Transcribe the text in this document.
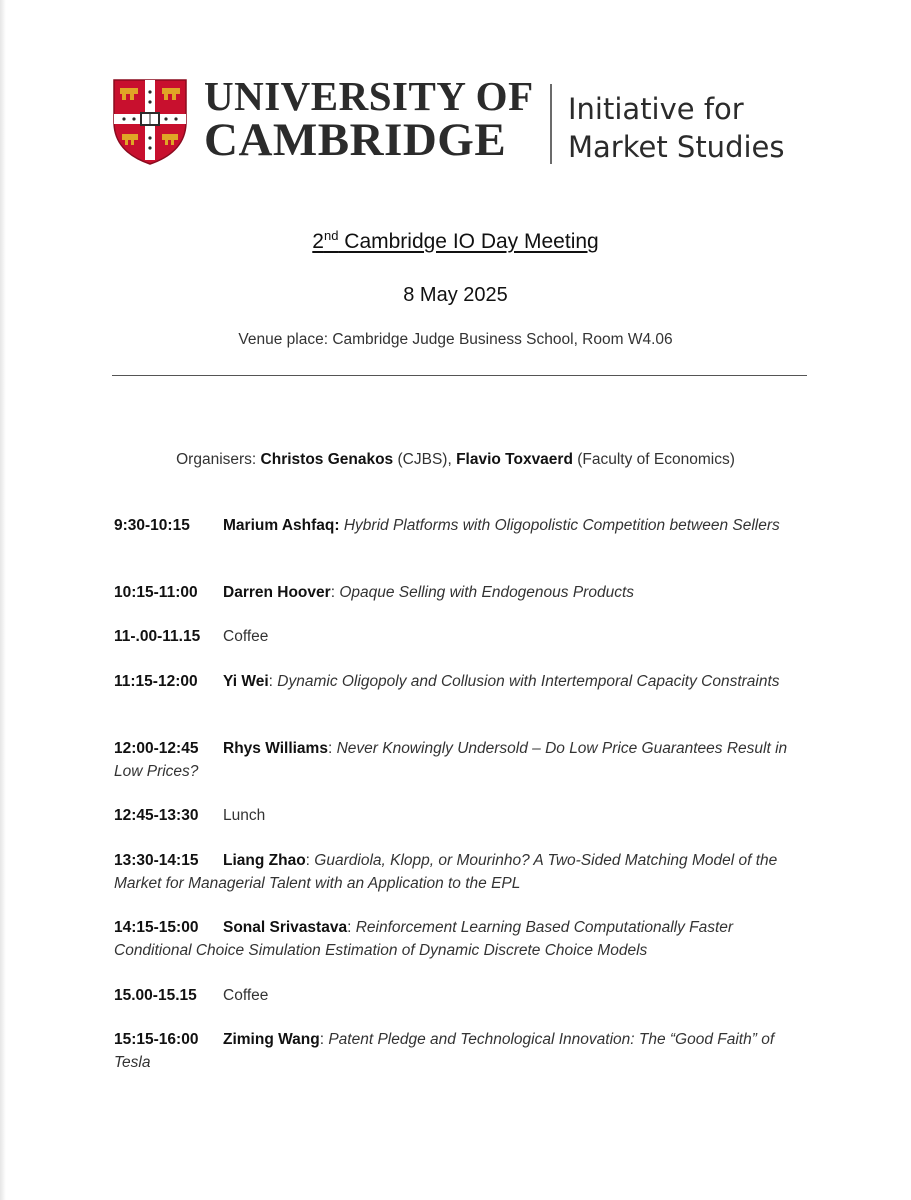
UNIVERSITY OF
CAMBRIDGE
Initiative for
Market Studies
2nd Cambridge IO Day Meeting
8 May 2025
Venue place: Cambridge Judge Business School, Room W4.06
Organisers: Christos Genakos (CJBS), Flavio Toxvaerd (Faculty of Economics)
9:30-10:15 Marium Ashfaq: Hybrid Platforms with Oligopolistic Competition between Sellers
10:15-11:00 Darren Hoover: Opaque Selling with Endogenous Products
11-.00-11.15 Coffee
11:15-12:00 Yi Wei: Dynamic Oligopoly and Collusion with Intertemporal Capacity Constraints
12:00-12:45 Rhys Williams: Never Knowingly Undersold – Do Low Price Guarantees Result in Low Prices?
12:45-13:30 Lunch
13:30-14:15 Liang Zhao: Guardiola, Klopp, or Mourinho? A Two-Sided Matching Model of the Market for Managerial Talent with an Application to the EPL
14:15-15:00 Sonal Srivastava: Reinforcement Learning Based Computationally Faster Conditional Choice Simulation Estimation of Dynamic Discrete Choice Models
15.00-15.15 Coffee
15:15-16:00 Ziming Wang: Patent Pledge and Technological Innovation: The “Good Faith” of Tesla
